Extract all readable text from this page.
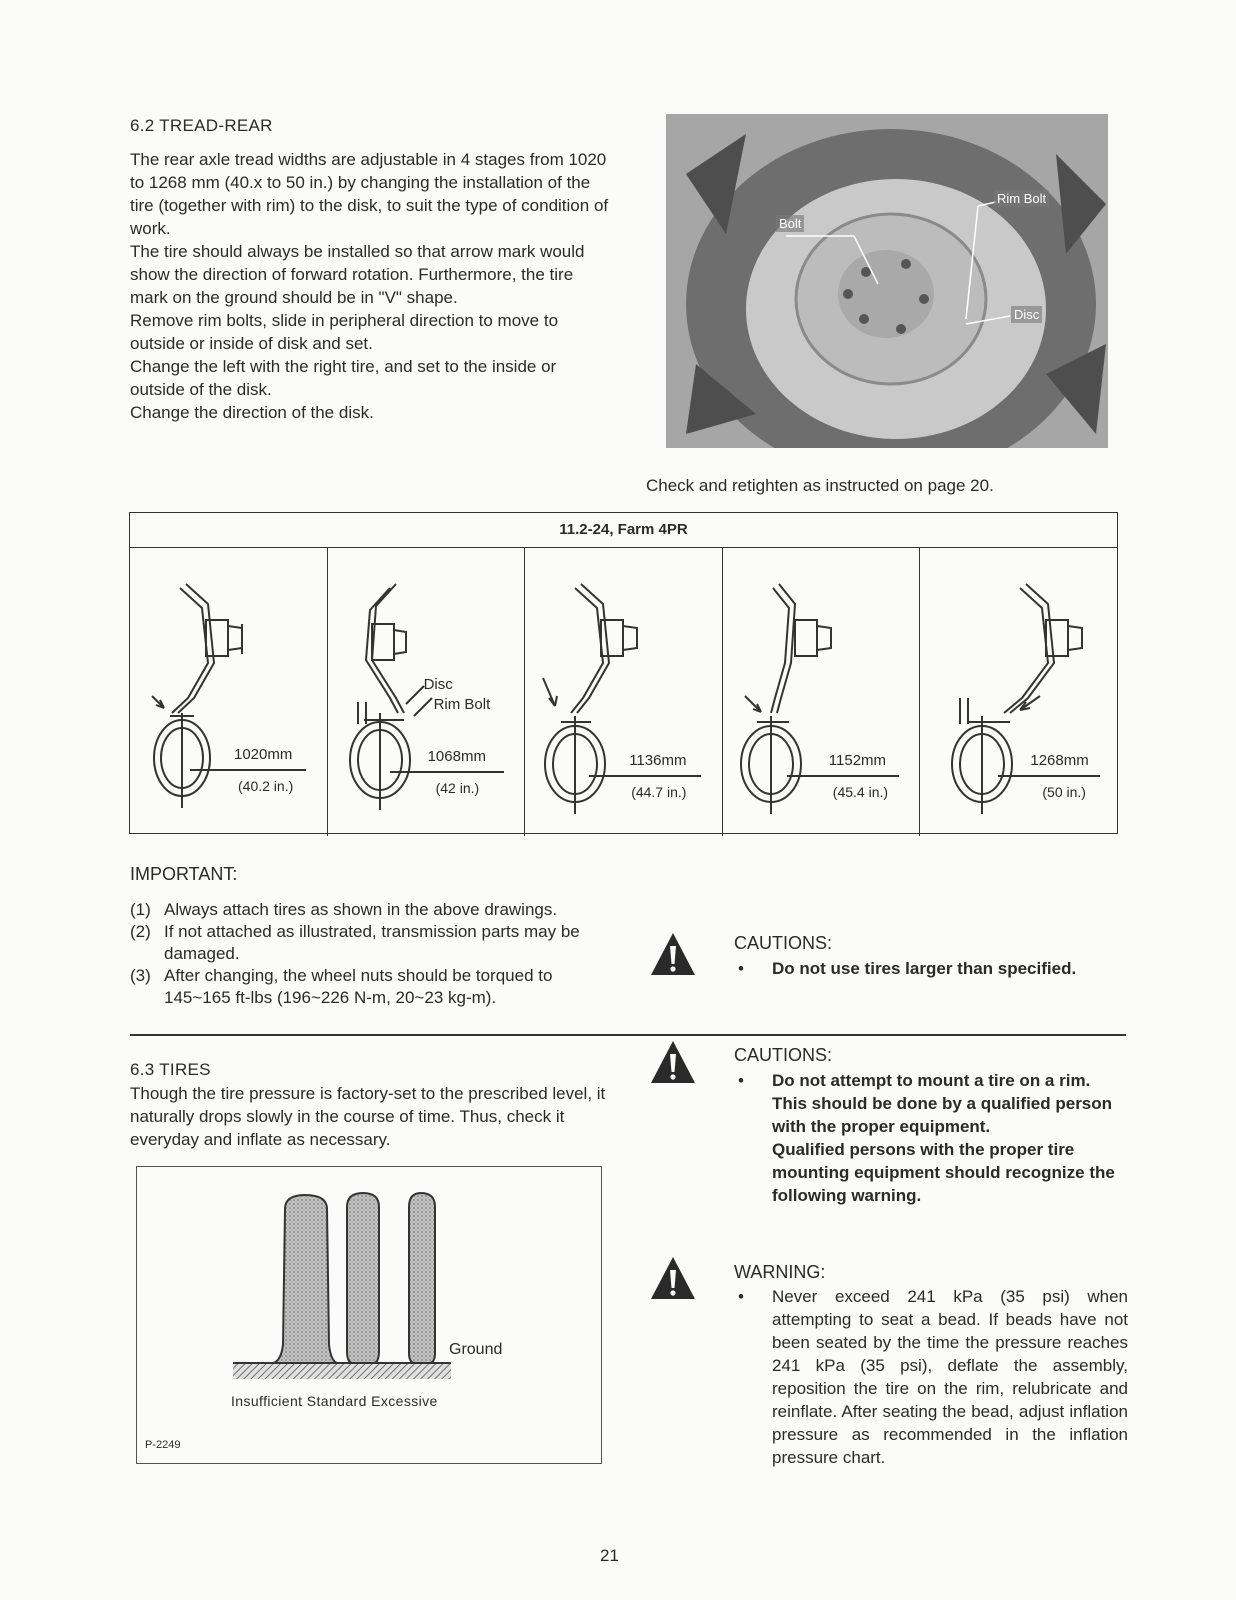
6.2 TREAD-REAR

The rear axle tread widths are adjustable in 4 stages from 1020 to 1268 mm (40.x to 50 in.) by changing the installation of the tire (together with rim) to the disk, to suit the type of condition of work.

The tire should always be installed so that arrow mark would show the direction of forward rotation. Furthermore, the tire mark on the ground should be in "V" shape.

Remove rim bolts, slide in peripheral direction to move to outside or inside of disk and set.

Change the left with the right tire, and set to the inside or outside of the disk.

Change the direction of the disk.

Bolt
Rim Bolt
Disc
Check and retighten as instructed on page 20.
11.2-24, Farm 4PR
1020mm
(40.2 in.)
Disc
Rim Bolt
1068mm
(42 in.)
1136mm
(44.7 in.)
1152mm
(45.4 in.)
1268mm
(50 in.)
IMPORTANT:
(1) Always attach tires as shown in the above drawings.
(2) If not attached as illustrated, transmission parts may be damaged.
(3) After changing, the wheel nuts should be torqued to 145~165 ft-lbs (196~226 N-m, 20~23 kg-m).
CAUTIONS:
•	Do not use tires larger than specified.
6.3 TIRES

Though the tire pressure is factory-set to the prescribed level, it naturally drops slowly in the course of time. Thus, check it everyday and inflate as necessary.

Ground
Insufficient Standard Excessive
P-2249
CAUTIONS:
•	Do not attempt to mount a tire on a rim. This should be done by a qualified person with the proper equipment.

Qualified persons with the proper tire mounting equipment should recognize the following warning.

WARNING:
•	Never exceed 241 kPa (35 psi) when attempting to seat a bead. If beads have not been seated by the time the pressure reaches 241 kPa (35 psi), deflate the assembly, reposition the tire on the rim, relubricate and reinflate. After seating the bead, adjust inflation pressure as recommended in the inflation pressure chart.
21
